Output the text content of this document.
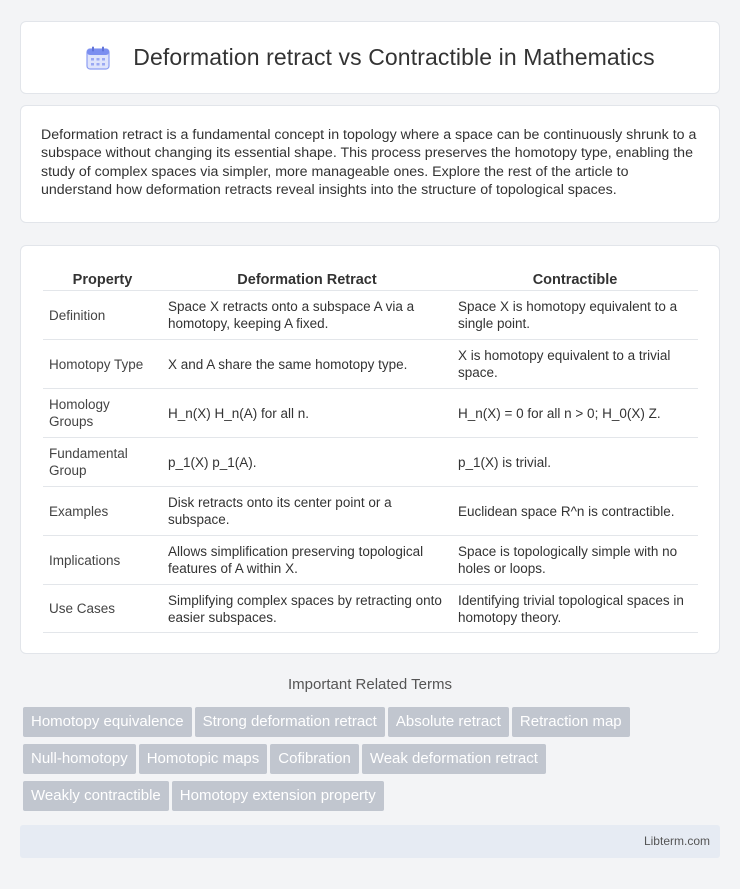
Deformation retract vs Contractible in Mathematics

Deformation retract is a fundamental concept in topology where a space can be continuously shrunk to a subspace without changing its essential shape. This process preserves the homotopy type, enabling the study of complex spaces via simpler, more manageable ones. Explore the rest of the article to understand how deformation retracts reveal insights into the structure of topological spaces.

Property	Deformation Retract	Contractible
Definition	Space X retracts onto a subspace A via a homotopy, keeping A fixed.	Space X is homotopy equivalent to a single point.
Homotopy Type	X and A share the same homotopy type.	X is homotopy equivalent to a trivial space.
Homology Groups	H_n(X) H_n(A) for all n.	H_n(X) = 0 for all n > 0; H_0(X) Z.
Fundamental Group	p_1(X) p_1(A).	p_1(X) is trivial.
Examples	Disk retracts onto its center point or a subspace.	Euclidean space R^n is contractible.
Implications	Allows simplification preserving topological features of A within X.	Space is topologically simple with no holes or loops.
Use Cases	Simplifying complex spaces by retracting onto easier subspaces.	Identifying trivial topological spaces in homotopy theory.
Important Related Terms
Homotopy equivalence Strong deformation retract Absolute retract Retraction map
Null-homotopy Homotopic maps Cofibration Weak deformation retract
Weakly contractible Homotopy extension property
Libterm.com
